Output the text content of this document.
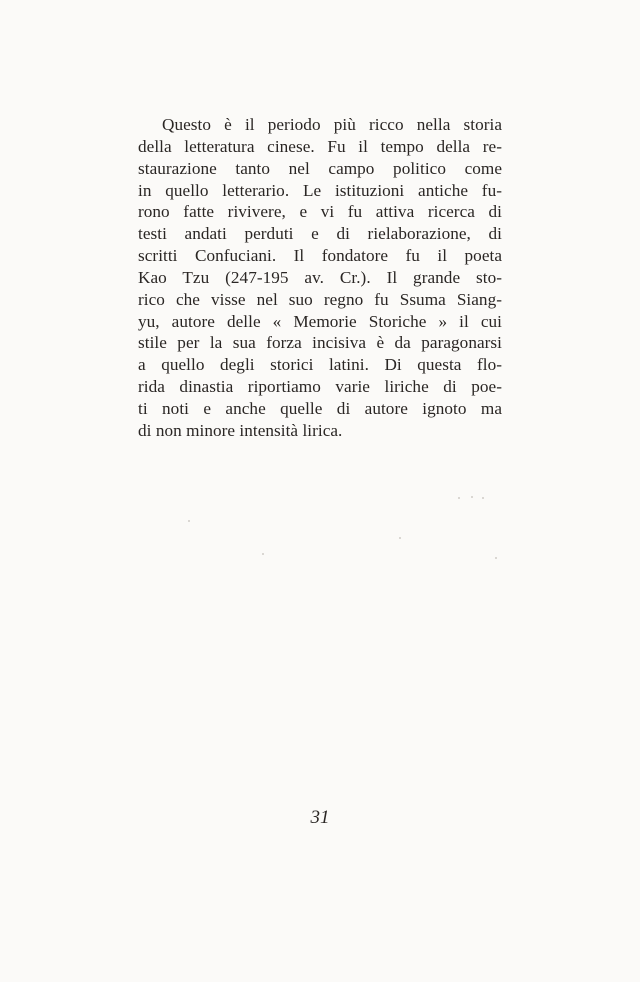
Questo è il periodo più ricco nella storia
della letteratura cinese. Fu il tempo della re-
staurazione tanto nel campo politico come
in quello letterario. Le istituzioni antiche fu-
rono fatte rivivere, e vi fu attiva ricerca di
testi andati perduti e di rielaborazione, di
scritti Confuciani. Il fondatore fu il poeta
Kao Tzu (247-195 av. Cr.). Il grande sto-
rico che visse nel suo regno fu Ssuma Siang-
yu, autore delle « Memorie Storiche » il cui
stile per la sua forza incisiva è da paragonarsi
a quello degli storici latini. Di questa flo-
rida dinastia riportiamo varie liriche di poe-
ti noti e anche quelle di autore ignoto ma
di non minore intensità lirica.

31
